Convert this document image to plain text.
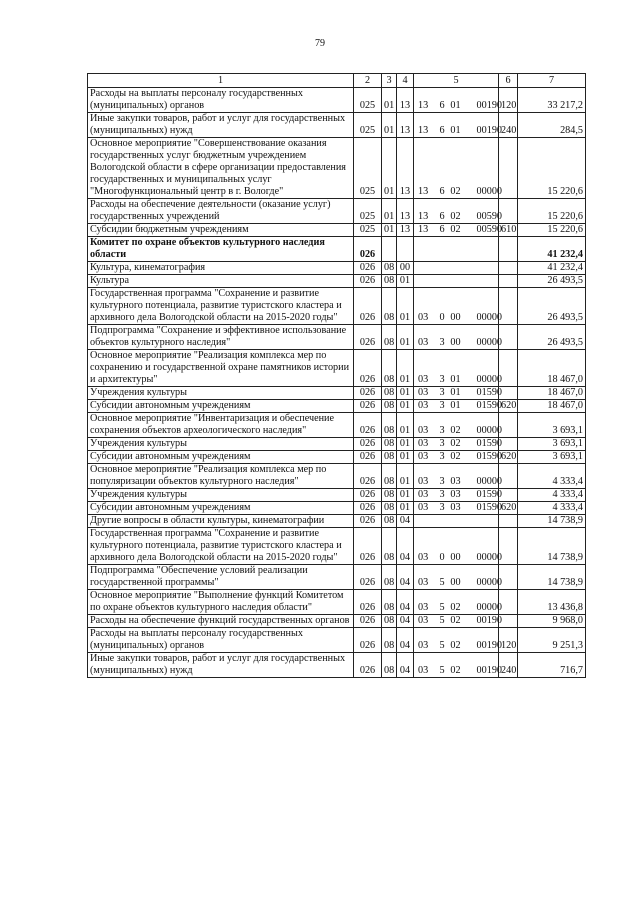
79
1	2	3	4	5	6	7
Расходы на выплаты персоналу государственных (муниципальных) органов	025	01	13	13 6 01 00190	120	33 217,2
Иные закупки товаров, работ и услуг для государственных (муниципальных) нужд	025	01	13	13 6 01 00190	240	284,5
Основное мероприятие "Совершенствование оказания государственных услуг бюджетным учреждением Вологодской области в сфере организации предоставления государственных и муниципальных услуг "Многофункциональный центр в г. Вологде"	025	01	13	13 6 02 00000		15 220,6
Расходы на обеспечение деятельности (оказание услуг) государственных учреждений	025	01	13	13 6 02 00590		15 220,6
Субсидии бюджетным учреждениям	025	01	13	13 6 02 00590	610	15 220,6
Комитет по охране объектов культурного наследия области	026					41 232,4
Культура, кинематография	026	08	00			41 232,4
Культура	026	08	01			26 493,5
Государственная программа "Сохранение и развитие культурного потенциала, развитие туристского кластера и архивного дела Вологодской области на 2015-2020 годы"	026	08	01	03 0 00 00000		26 493,5
Подпрограмма "Сохранение и эффективное использование объектов культурного наследия"	026	08	01	03 3 00 00000		26 493,5
Основное мероприятие "Реализация комплекса мер по сохранению и государственной охране памятников истории и архитектуры"	026	08	01	03 3 01 00000		18 467,0
Учреждения культуры	026	08	01	03 3 01 01590		18 467,0
Субсидии автономным учреждениям	026	08	01	03 3 01 01590	620	18 467,0
Основное мероприятие "Инвентаризация и обеспечение сохранения объектов археологического наследия"	026	08	01	03 3 02 00000		3 693,1
Учреждения культуры	026	08	01	03 3 02 01590		3 693,1
Субсидии автономным учреждениям	026	08	01	03 3 02 01590	620	3 693,1
Основное мероприятие "Реализация комплекса мер по популяризации объектов культурного наследия"	026	08	01	03 3 03 00000		4 333,4
Учреждения культуры	026	08	01	03 3 03 01590		4 333,4
Субсидии автономным учреждениям	026	08	01	03 3 03 01590	620	4 333,4
Другие вопросы в области культуры, кинематографии	026	08	04			14 738,9
Государственная программа "Сохранение и развитие культурного потенциала, развитие туристского кластера и архивного дела Вологодской области на 2015-2020 годы"	026	08	04	03 0 00 00000		14 738,9
Подпрограмма "Обеспечение условий реализации государственной программы"	026	08	04	03 5 00 00000		14 738,9
Основное мероприятие "Выполнение функций Комитетом по охране объектов культурного наследия области"	026	08	04	03 5 02 00000		13 436,8
Расходы на обеспечение функций государственных органов	026	08	04	03 5 02 00190		9 968,0
Расходы на выплаты персоналу государственных (муниципальных) органов	026	08	04	03 5 02 00190	120	9 251,3
Иные закупки товаров, работ и услуг для государственных (муниципальных) нужд	026	08	04	03 5 02 00190	240	716,7
